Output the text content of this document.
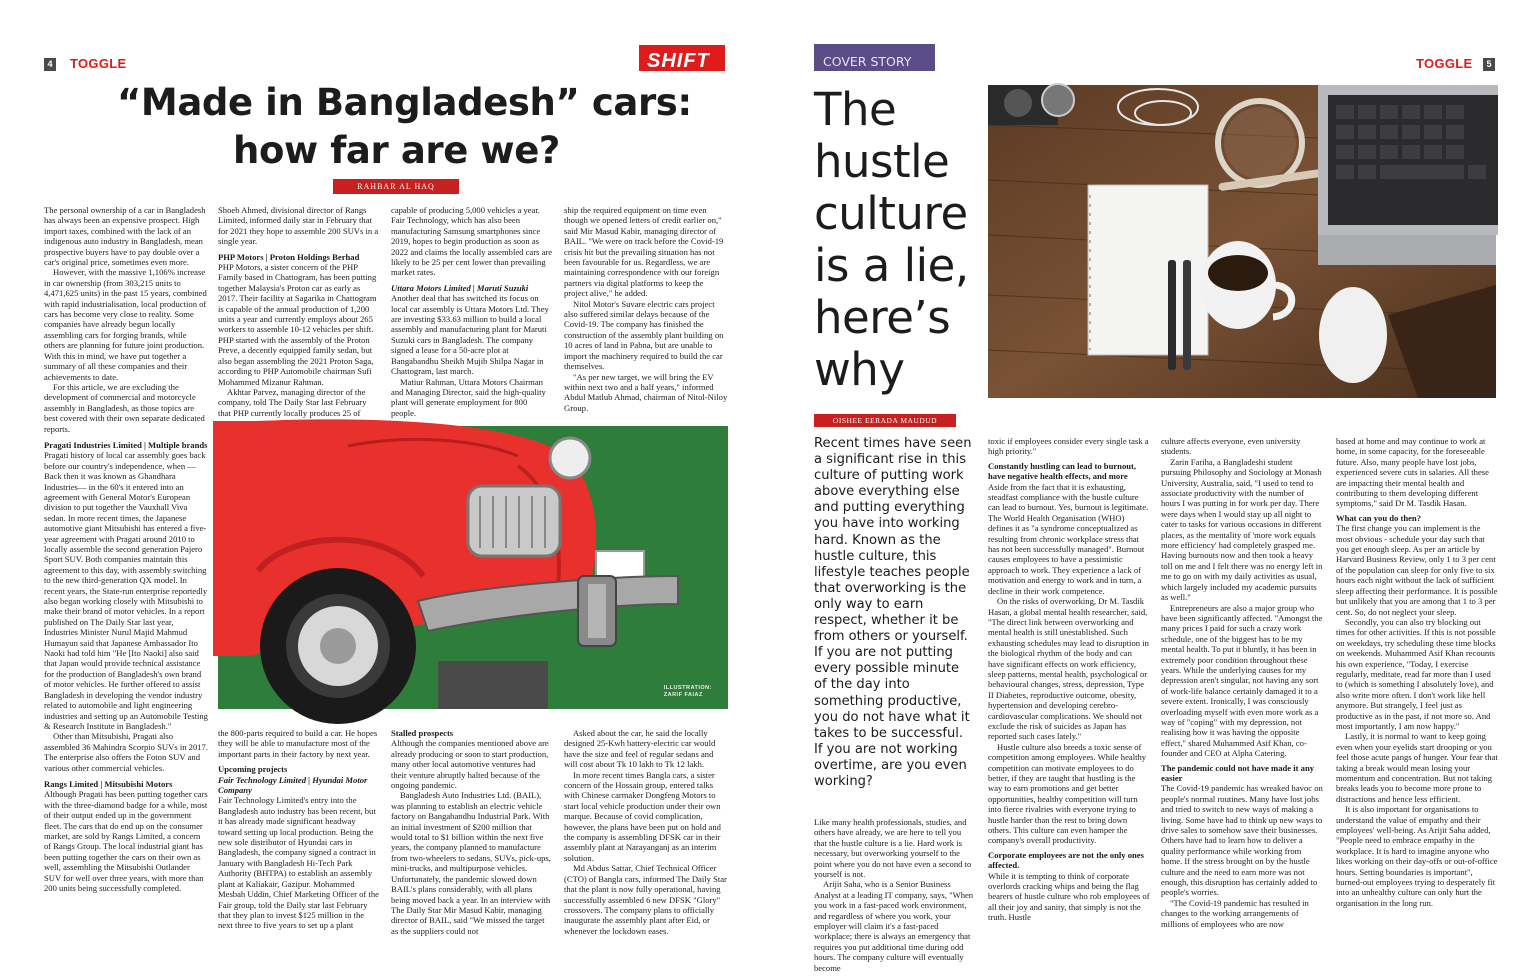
4 TOGGLE	SHIFT
“Made in Bangladesh” cars:
how far are we?
RAHBAR AL HAQ

The personal ownership of a car in Bangladesh has always been an expensive prospect. High import taxes, combined with the lack of an indigenous auto industry in Bangladesh, mean prospective buyers have to pay double over a car's original price, sometimes even more.

However, with the massive 1,106% increase in car ownership (from 303,215 units to 4,471,625 units) in the past 15 years, combined with rapid industrialisation, local production of cars has become very close to reality. Some companies have already begun locally assembling cars for forging brands, while others are planning for future joint production. With this in mind, we have put together a summary of all these companies and their achievements to date.

For this article, we are excluding the development of commercial and motorcycle assembly in Bangladesh, as those topics are best covered with their own separate dedicated reports.

Pragati Industries Limited | Multiple brands

Pragati history of local car assembly goes back before our country's independence, when —Back then it was known as Ghandhara Industries— in the 60's it entered into an agreement with General Motor's European division to put together the Vauxhall Viva sedan. In more recent times, the Japanese automotive giant Mitsubishi has entered a five-year agreement with Pragati around 2010 to locally assemble the second generation Pajero Sport SUV. Both companies maintain this agreement to this day, with assembly switching to the new third-generation QX model. In recent years, the State-run enterprise reportedly also began working closely with Mitsubishi to make their brand of motor vehicles. In a report published on The Daily Star last year, Industries Minister Nurul Majid Mahmud Humayun said that Japanese Ambassador Ito Naoki had told him "He [Ito Naoki] also said that Japan would provide technical assistance for the production of Bangladesh's own brand of motor vehicles. He further offered to assist Bangladesh in developing the vendor industry related to automobile and light engineering industries and setting up an Automobile Testing & Research Institute in Bangladesh."

Other than Mitsubishi, Pragati also assembled 36 Mahindra Scorpio SUVs in 2017. The enterprise also offers the Foton SUV and various other commercial vehicles.

Rangs Limited | Mitsubishi Motors

Although Pragati has been putting together cars with the three-diamond badge for a while, most of their output ended up in the government fleet. The cars that do end up on the consumer market, are sold by Rangs Limited, a concern of Rangs Group. The local industrial giant has been putting together the cars on their own as well, assembling the Mitsubishi Outlander SUV for well over three years, with more than 200 units being successfully completed.

Shoeb Ahmed, divisional director of Rangs Limited, informed daily star in February that for 2021 they hope to assemble 200 SUVs in a single year.

PHP Motors | Proton Holdings Berhad

PHP Motors, a sister concern of the PHP Family based in Chattogram, has been putting together Malaysia's Proton car as early as 2017. Their facility at Sagarika in Chattogram is capable of the annual production of 1,200 units a year and currently employs about 265 workers to assemble 10-12 vehicles per shift. PHP started with the assembly of the Proton Preve, a decently equipped family sedan, but also began assembling the 2021 Proton Saga, according to PHP Automobile chairman Sufi Mohammed Mizanur Rahman.

Akhtar Parvez, managing director of the company, told The Daily Star last February that PHP currently locally produces 25 of

capable of producing 5,000 vehicles a year. Fair Technology, which has also been manufacturing Samsung smartphones since 2019, hopes to begin production as soon as 2022 and claims the locally assembled cars are likely to be 25 per cent lower than prevailing market rates.

Uttara Motors Limited | Maruti Suzuki

Another deal that has switched its focus on local car assembly is Uttara Motors Ltd. They are investing $33.63 million to build a local assembly and manufacturing plant for Maruti Suzuki cars in Bangladesh. The company signed a lease for a 50-acre plot at Bangabandhu Sheikh Mujib Shilpa Nagar in Chattogram, last march.

Matiur Rahman, Uttara Motors Chairman and Managing Director, said the high-quality plant will generate employment for 800 people.

ship the required equipment on time even though we opened letters of credit earlier on," said Mir Masud Kabir, managing director of BAIL. "We were on track before the Covid-19 crisis hit but the prevailing situation has not been favourable for us. Regardless, we are maintaining correspondence with our foreign partners via digital platforms to keep the project alive," he added.

Nitol Motor's Suvare electric cars project also suffered similar delays because of the Covid-19. The company has finished the construction of the assembly plant building on 10 acres of land in Pabna, but are unable to import the machinery required to build the car themselves.

"As per new target, we will bring the EV within next two and a half years," informed Abdul Matlub Ahmad, chairman of Nitol-Niloy Group.

ILLUSTRATION:
ZARIF FAIAZ

the 800-parts required to build a car. He hopes they will be able to manufacture most of the important parts in their factory by next year.

Upcoming projects

Fair Technology Limited | Hyundai Motor Company

Fair Technology Limited's entry into the Bangladesh auto industry has been recent, but it has already made significant headway toward setting up local production. Being the new sole distributor of Hyundai cars in Bangladesh, the company signed a contract in January with Bangladesh Hi-Tech Park Authority (BHTPA) to establish an assembly plant at Kaliakair, Gazipur. Mohammed Mesbah Uddin, Chief Marketing Officer of the Fair group, told the Daily star last February that they plan to invest $125 million in the next three to five years to set up a plant

Stalled prospects

Although the companies mentioned above are already producing or soon to start production, many other local automotive ventures had their venture abruptly halted because of the ongoing pandemic.

Bangladesh Auto Industries Ltd. (BAIL), was planning to establish an electric vehicle factory on Bangabandhu Industrial Park. With an initial investment of $200 million that would total to $1 billion within the next five years, the company planned to manufacture from two-wheelers to sedans, SUVs, pick-ups, mini-trucks, and multipurpose vehicles. Unfortunately, the pandemic slowed down BAIL's plans considerably, with all plans being moved back a year. In an interview with The Daily Star Mir Masud Kabir, managing director of BAIL, said "We missed the target as the suppliers could not

Asked about the car, he said the locally designed 25-Kwh battery-electric car would have the size and feel of regular sedans and will cost about Tk 10 lakh to Tk 12 lakh.

In more recent times Bangla cars, a sister concern of the Hossain group, entered talks with Chinese carmaker Dongfeng Motors to start local vehicle production under their own marque. Because of covid complication, however, the plans have been put on hold and the company is assembling DFSK car in their assembly plant at Narayanganj as an interim solution.

Md Abdus Sattar, Chief Technical Officer (CTO) of Bangla cars, informed The Daily Star that the plant is now fully operational, having successfully assembled 6 new DFSK "Glory" crossovers. The company plans to officially inaugurate the assembly plant after Eid, or whenever the lockdown eases.

COVER STORY	TOGGLE	5
The
hustle
culture
is a lie,
here’s
why
OISHEE EERADA MAUDUD
Recent times have seen a significant rise in this culture of putting work above everything else and putting everything you have into working hard. Known as the hustle culture, this lifestyle teaches people that overworking is the only way to earn respect, whether it be from others or yourself. If you are not putting every possible minute of the day into something productive, you do not have what it takes to be successful. If you are not working overtime, are you even working?

Like many health professionals, studies, and others have already, we are here to tell you that the hustle culture is a lie. Hard work is necessary, but overworking yourself to the point where you do not have even a second to yourself is not.

Arijit Saha, who is a Senior Business Analyst at a leading IT company, says, "When you work in a fast-paced work environment, and regardless of where you work, your employer will claim it's a fast-paced workplace; there is always an emergency that requires you put additional time during odd hours. The company culture will eventually become

toxic if employees consider every single task a high priority."

Constantly hustling can lead to burnout, have negative health effects, and more

Aside from the fact that it is exhausting, steadfast compliance with the hustle culture can lead to burnout. Yes, burnout is legitimate. The World Health Organisation (WHO) defines it as "a syndrome conceptualized as resulting from chronic workplace stress that has not been successfully managed". Burnout causes employees to have a pessimistic approach to work. They experience a lack of motivation and energy to work and in turn, a decline in their work competence.

On the risks of overworking, Dr M. Tasdik Hasan, a global mental health researcher, said, "The direct link between overworking and mental health is still unestablished. Such exhausting schedules may lead to disruption in the biological rhythm of the body and can have significant effects on work efficiency, sleep patterns, mental health, psychological or behavioural changes, stress, depression, Type II Diabetes, reproductive outcome, obesity, hypertension and developing cerebro-cardiovascular complications. We should not exclude the risk of suicides as Japan has reported such cases lately."

Hustle culture also breeds a toxic sense of competition among employees. While healthy competition can motivate employees to do better, if they are taught that hustling is the way to earn promotions and get better opportunities, healthy competition will turn into fierce rivalries with everyone trying to hustle harder than the rest to bring down others. This culture can even hamper the company's overall productivity.

Corporate employees are not the only ones affected.

While it is tempting to think of corporate overlords cracking whips and being the flag bearers of hustle culture who rob employees of all their joy and sanity, that simply is not the truth. Hustle

culture affects everyone, even university students.

Zarin Fariha, a Bangladeshi student pursuing Philosophy and Sociology at Monash University, Australia, said, "I used to tend to associate productivity with the number of hours I was putting in for work per day. There were days when I would stay up all night to cater to tasks for various occasions in different places, as the mentality of 'more work equals more efficiency' had completely grasped me. Having burnouts now and then took a heavy toll on me and I felt there was no energy left in me to go on with my daily activities as usual, which largely included my academic pursuits as well."

Entrepreneurs are also a major group who have been significantly affected. "Amongst the many prices I paid for such a crazy work schedule, one of the biggest has to be my mental health. To put it bluntly, it has been in extremely poor condition throughout these years. While the underlying causes for my depression aren't singular, not having any sort of work-life balance certainly damaged it to a severe extent. Ironically, I was consciously overloading myself with even more work as a way of "coping" with my depression, not realising how it was having the opposite effect," shared Muhammed Asif Khan, co-founder and CEO at Alpha Catering.

The pandemic could not have made it any easier

The Covid-19 pandemic has wreaked havoc on people's normal routines. Many have lost jobs and tried to switch to new ways of making a living. Some have had to think up new ways to drive sales to somehow save their businesses. Others have had to learn how to deliver a quality performance while working from home. If the stress brought on by the hustle culture and the need to earn more was not enough, this disruption has certainly added to people's worries.

"The Covid-19 pandemic has resulted in changes to the working arrangements of millions of employees who are now

based at home and may continue to work at home, in some capacity, for the foreseeable future. Also, many people have lost jobs, experienced severe cuts in salaries. All these are impacting their mental health and contributing to them developing different symptoms," said Dr M. Tasdik Hasan.

What can you do then?

The first change you can implement is the most obvious - schedule your day such that you get enough sleep. As per an article by Harvard Business Review, only 1 to 3 per cent of the population can sleep for only five to six hours each night without the lack of sufficient sleep affecting their performance. It is possible but unlikely that you are among that 1 to 3 per cent. So, do not neglect your sleep.

Secondly, you can also try blocking out times for other activities. If this is not possible on weekdays, try scheduling these time blocks on weekends. Muhammed Asif Khan recounts his own experience, "Today, I exercise regularly, meditate, read far more than I used to (which is something I absolutely love), and also write more often. I don't work like hell anymore. But strangely, I feel just as productive as in the past, if not more so. And most importantly, I am now happy."

Lastly, it is normal to want to keep going even when your eyelids start drooping or you feel those acute pangs of hunger. Your fear that taking a break would mean losing your momentum and concentration. But not taking breaks leads you to become more prone to distractions and hence less efficient.

It is also important for organisations to understand the value of empathy and their employees' well-being. As Arijit Saha added, "People need to embrace empathy in the workplace. It is hard to imagine anyone who likes working on their day-offs or out-of-office hours. Setting boundaries is important", burned-out employees trying to desperately fit into an unhealthy culture can only hurt the organisation in the long run.
